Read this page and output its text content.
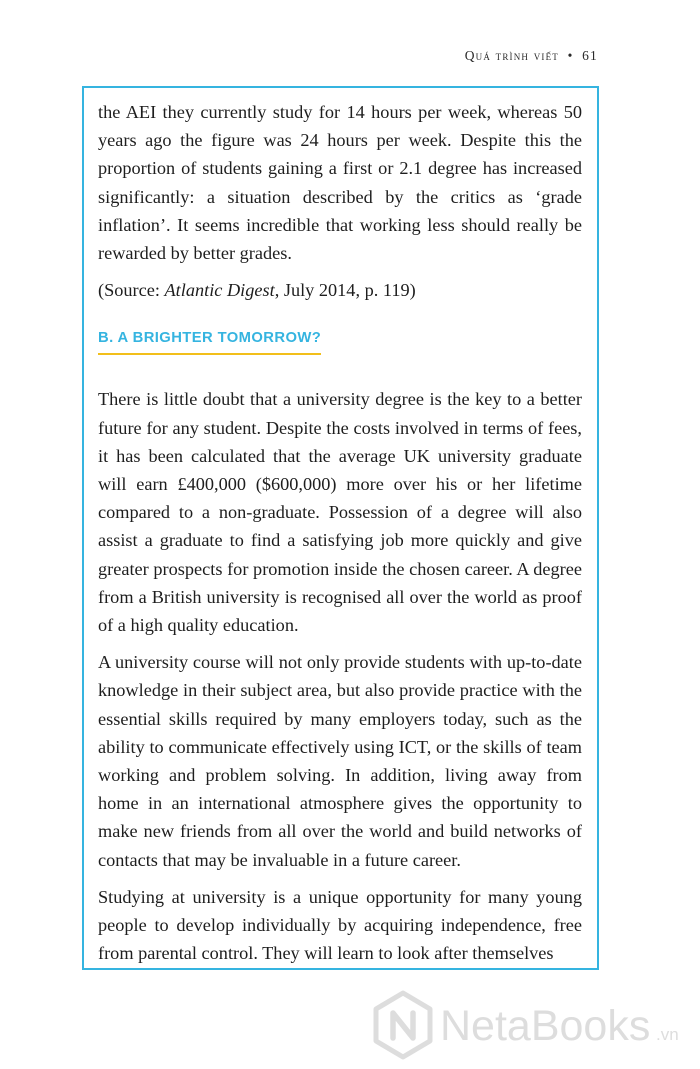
Quá trình viết • 61

the AEI they currently study for 14 hours per week, whereas 50 years ago the figure was 24 hours per week. Despite this the proportion of students gaining a first or 2.1 degree has increased significantly: a situation described by the critics as ‘grade inflation’. It seems incredible that working less should really be rewarded by better grades.

(Source: Atlantic Digest, July 2014, p. 119)

B. A BRIGHTER TOMORROW?

There is little doubt that a university degree is the key to a better future for any student. Despite the costs involved in terms of fees, it has been calculated that the average UK university graduate will earn £400,000 ($600,000) more over his or her lifetime compared to a non-graduate. Possession of a degree will also assist a graduate to find a satisfying job more quickly and give greater prospects for promotion inside the chosen career. A degree from a British university is recognised all over the world as proof of a high quality education.

A university course will not only provide students with up-to-date knowledge in their subject area, but also provide practice with the essential skills required by many employers today, such as the ability to communicate effectively using ICT, or the skills of team working and problem solving. In addition, living away from home in an international atmosphere gives the opportunity to make new friends from all over the world and build networks of contacts that may be invaluable in a future career.

Studying at university is a unique opportunity for many young people to develop individually by acquiring independence, free from parental control. They will learn to look after themselves

NetaBooks .vn
